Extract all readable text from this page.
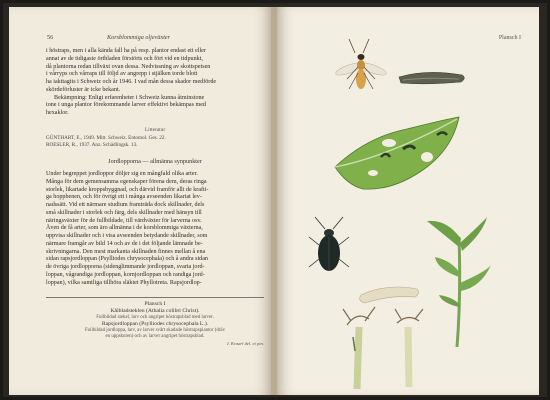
56	Korsblommiga oljeväxter

i höstraps, men i alla kända fall ha på resp. plantor endast ett eller

annat av de tidigaste örtbladen förstörts och fört vid en tidpunkt,

då plantorna redan tillväxt ovan dessa. Nedvissning av skottspetsen

i vårryps och vårraps till följd av angrepp i stjälken torde blott

ha iakttagits i Schweiz och år 1946. I vad mån dessa skador medförde

skördeförluster är icke bekant.

Bekämpning: Enligt erfarenheter i Schweiz kunna åtminstone

tone i unga plantor förekommande larver effektivt bekämpas med

hexaklor.

Litteratur
GÜNTHART, E., 1949. Mitt. Schweiz. Entomol. Ges. 22.
ROESLER, R., 1937. Anz. Schädlingsk. 13.
Jordlopporna — allmänna synpunkter

Under begreppet jordloppor döljer sig en mångfald olika arter.

Många för dem gemensamma egenskaper förena dem, deras ringa

storlek, likartade kroppsbyggnad, och därvid framför allt de krafti-

ga hoppbenen, och för övrigt ett i många avseenden likartat lev-

nadssätt. Vid ett närmare studium framträda dock skillnader, dels

små skillnader i storlek och färg, dels skillnader med hänsyn till

näringsväxter för de fullbildade, till värdväxter för larverna osv.

Även de få arter, som äro allmänna i de korsblommiga växterna,

uppvisa skillnader och i visa avseenden betydande skillnader, som

närmare framgår av bild 14 och av de i det följande lämnade be-

skrivningarna. Den mest markanta skillnaden finnes mellan å ena

sidan rapsjordloppan (Psylliodes chrysocephala) och å andra sidan

de övriga jordlopporna (sidenglimmande jordloppan, svarta jord-

loppan, vågrandiga jordloppan, kornjordloppan och randiga jord-

loppan), vilka samtliga tillhöra släktet Phyllotreta. Rapsjordlop-

Plansch I
Kålbladsteklen (Athalia colibri Christ).
Fullbildad stekel, larv och angripet höstrapsblad med larver.
Rapsjordloppan (Psylliodes chrysocephala L.).
Fullbildad jordloppa, larv, av larver svårt skadade höstrapsplantor (dräv
en uppskuren) och av larver angripet höstrapsblad.
I. Kraarî del. et pin.
Plansch I
